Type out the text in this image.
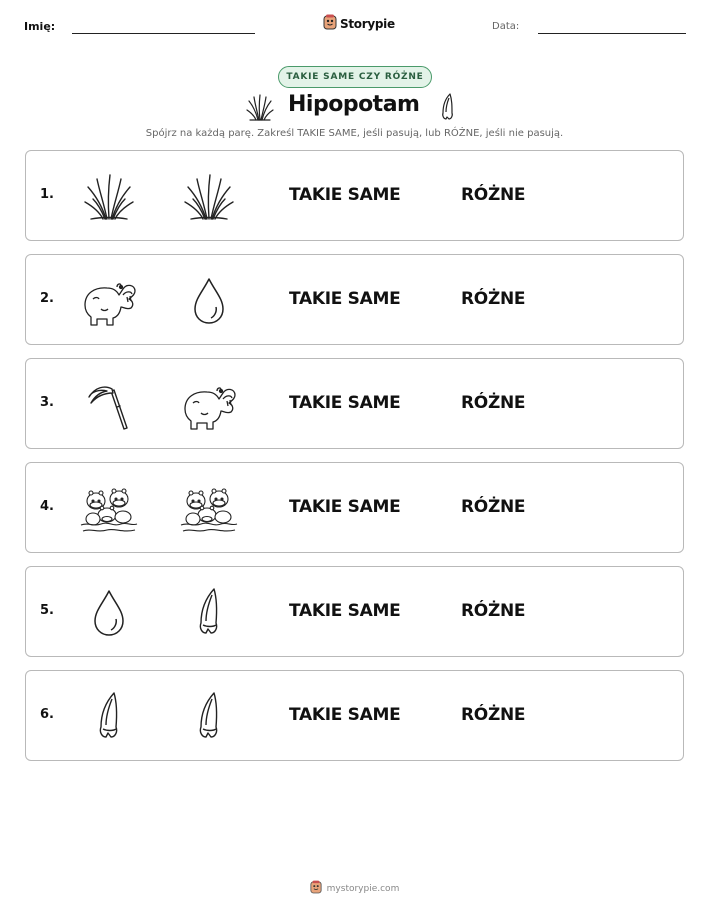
Imię:	Storypie	Data:
TAKIE SAME CZY RÓŻNE
Hipopotam
Spójrz na każdą parę. Zakreśl TAKIE SAME, jeśli pasują, lub RÓŻNE, jeśli nie pasują.
1.	TAKIE SAME	RÓŻNE
2.	TAKIE SAME	RÓŻNE
3.	TAKIE SAME	RÓŻNE
4.	TAKIE SAME	RÓŻNE
5.	TAKIE SAME	RÓŻNE
6.	TAKIE SAME	RÓŻNE
mystorypie.com
